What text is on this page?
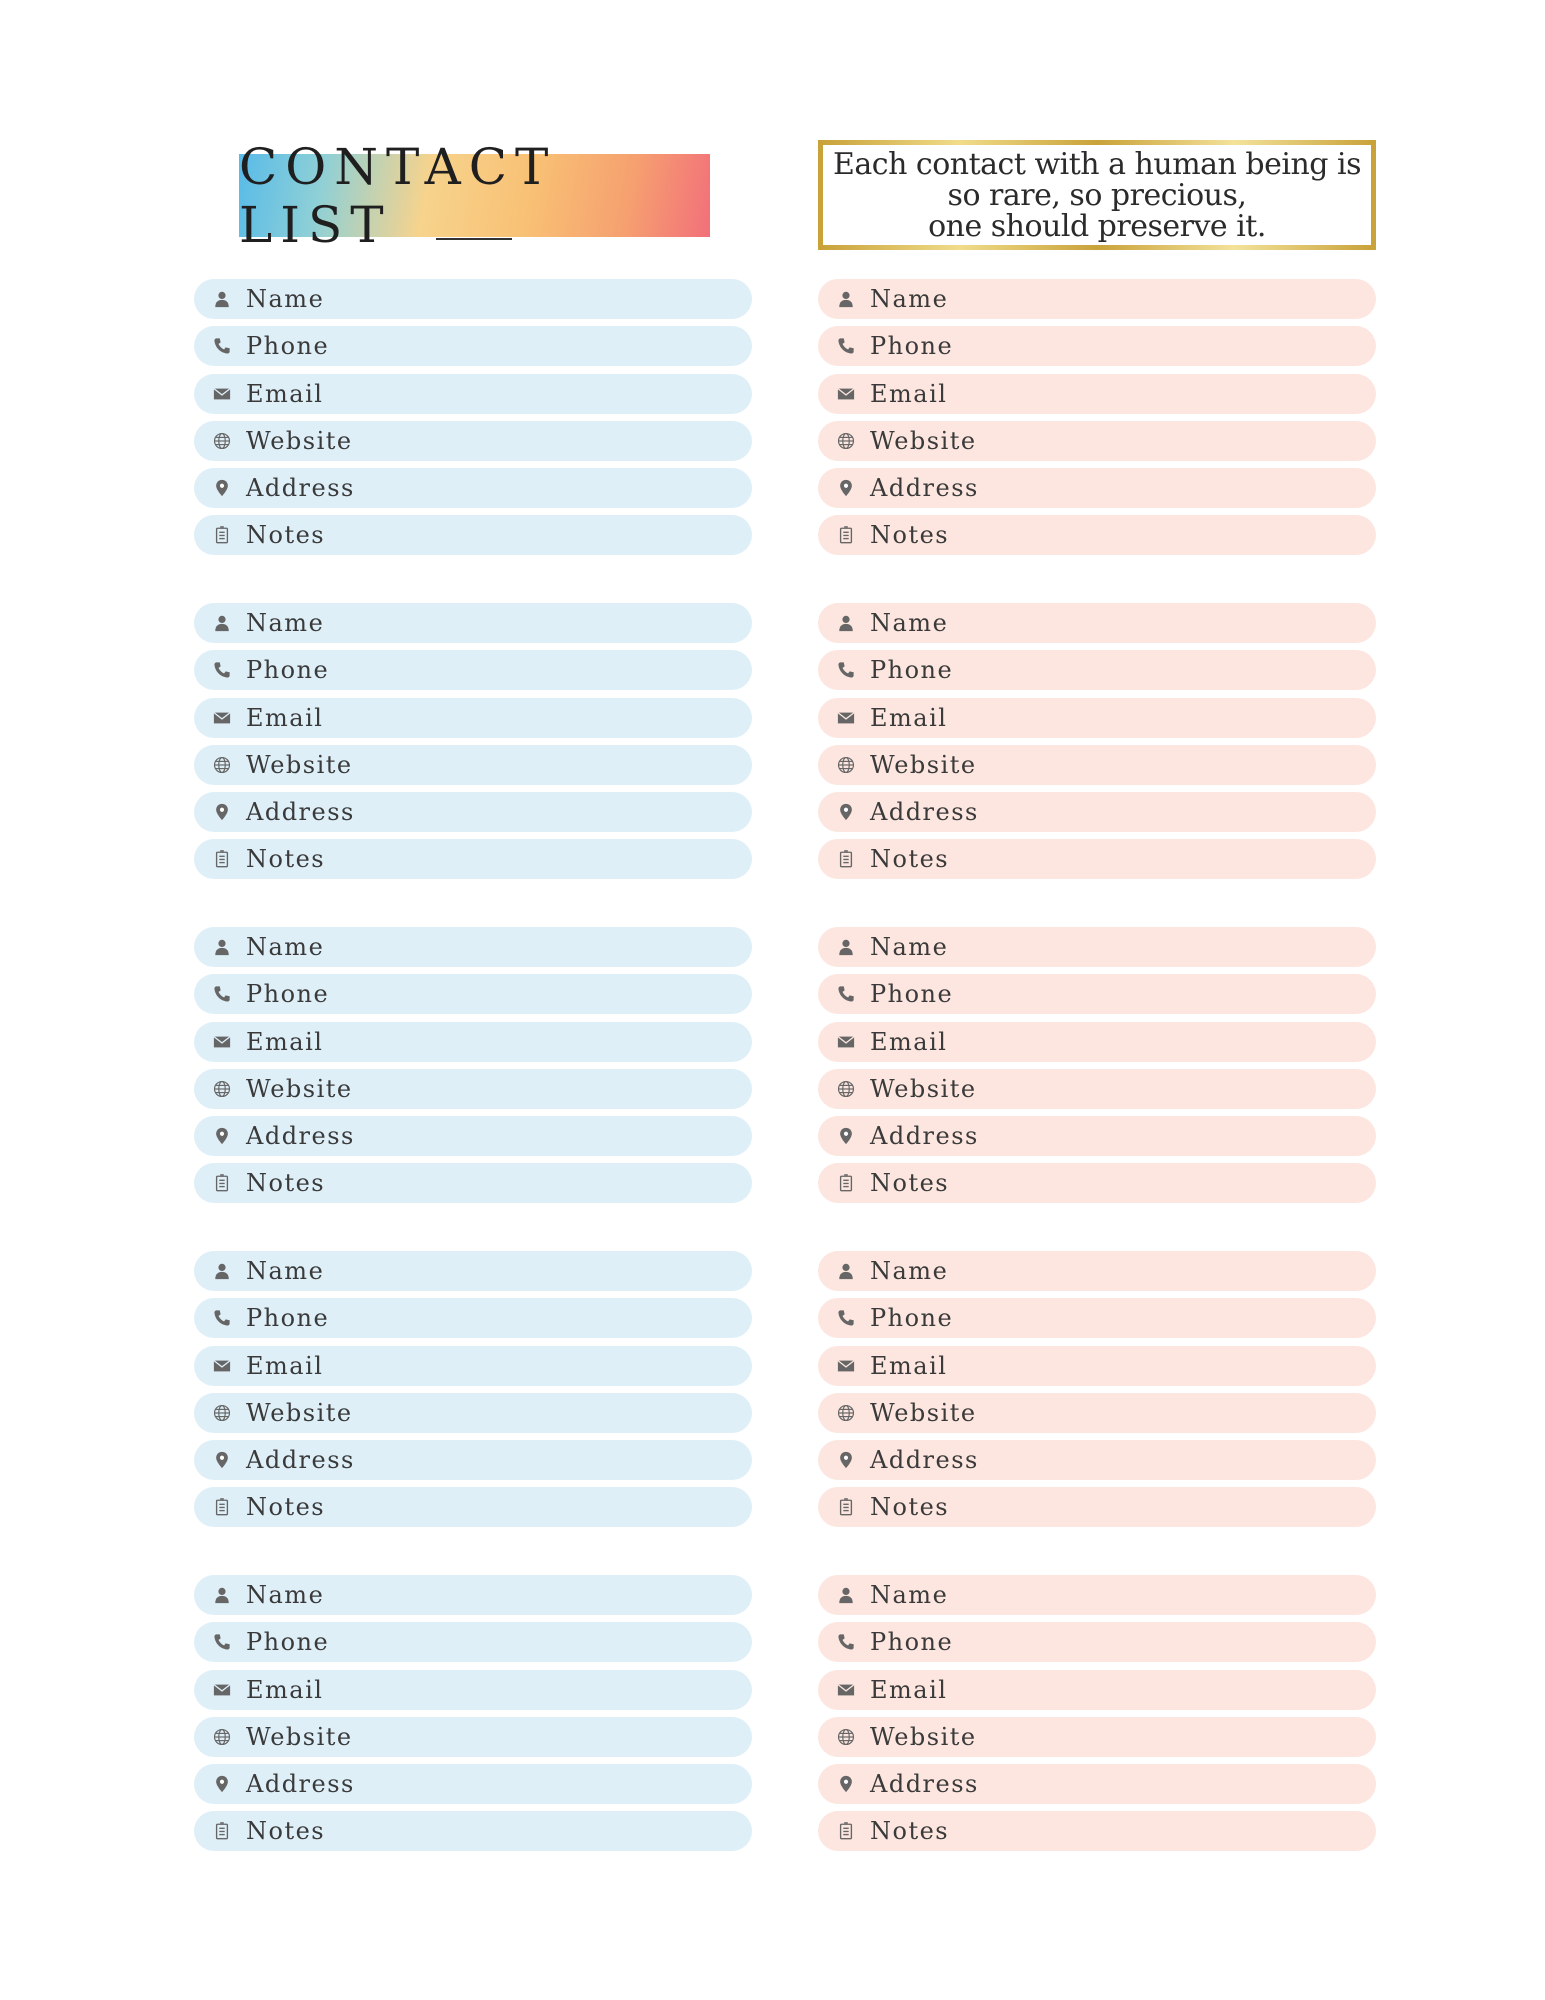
CONTACT LIST
Each contact with a human being is
so rare, so precious,
one should preserve it.
Name
Phone
Email
Website
Address
Notes
Name
Phone
Email
Website
Address
Notes
Name
Phone
Email
Website
Address
Notes
Name
Phone
Email
Website
Address
Notes
Name
Phone
Email
Website
Address
Notes
Name
Phone
Email
Website
Address
Notes
Name
Phone
Email
Website
Address
Notes
Name
Phone
Email
Website
Address
Notes
Name
Phone
Email
Website
Address
Notes
Name
Phone
Email
Website
Address
Notes
